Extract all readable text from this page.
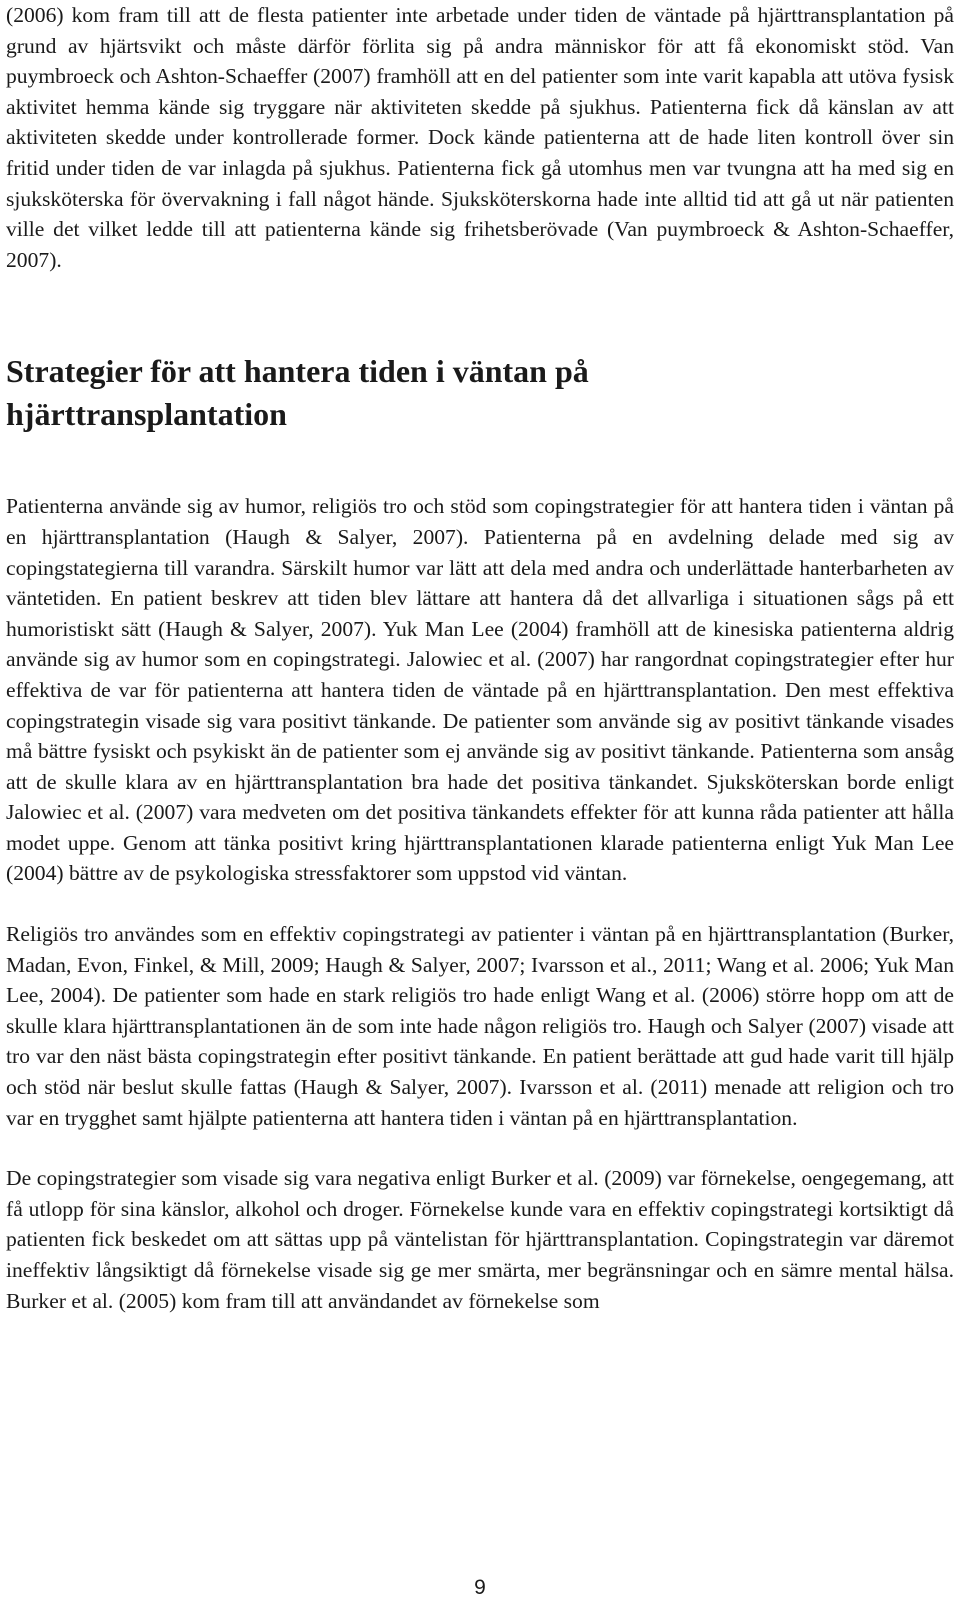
(2006) kom fram till att de flesta patienter inte arbetade under tiden de väntade på hjärttransplantation på grund av hjärtsvikt och måste därför förlita sig på andra människor för att få ekonomiskt stöd. Van puymbroeck och Ashton-Schaeffer (2007) framhöll att en del patienter som inte varit kapabla att utöva fysisk aktivitet hemma kände sig tryggare när aktiviteten skedde på sjukhus. Patienterna fick då känslan av att aktiviteten skedde under kontrollerade former. Dock kände patienterna att de hade liten kontroll över sin fritid under tiden de var inlagda på sjukhus. Patienterna fick gå utomhus men var tvungna att ha med sig en sjuksköterska för övervakning i fall något hände. Sjuksköterskorna hade inte alltid tid att gå ut när patienten ville det vilket ledde till att patienterna kände sig frihetsberövade (Van puymbroeck & Ashton-Schaeffer, 2007).

Strategier för att hantera tiden i väntan på hjärttransplantation

Patienterna använde sig av humor, religiös tro och stöd som copingstrategier för att hantera tiden i väntan på en hjärttransplantation (Haugh & Salyer, 2007). Patienterna på en avdelning delade med sig av copingstategierna till varandra. Särskilt humor var lätt att dela med andra och underlättade hanterbarheten av väntetiden. En patient beskrev att tiden blev lättare att hantera då det allvarliga i situationen sågs på ett humoristiskt sätt (Haugh & Salyer, 2007). Yuk Man Lee (2004) framhöll att de kinesiska patienterna aldrig använde sig av humor som en copingstrategi. Jalowiec et al. (2007) har rangordnat copingstrategier efter hur effektiva de var för patienterna att hantera tiden de väntade på en hjärttransplantation. Den mest effektiva copingstrategin visade sig vara positivt tänkande. De patienter som använde sig av positivt tänkande visades må bättre fysiskt och psykiskt än de patienter som ej använde sig av positivt tänkande. Patienterna som ansåg att de skulle klara av en hjärttransplantation bra hade det positiva tänkandet. Sjuksköterskan borde enligt Jalowiec et al. (2007) vara medveten om det positiva tänkandets effekter för att kunna råda patienter att hålla modet uppe. Genom att tänka positivt kring hjärttransplantationen klarade patienterna enligt Yuk Man Lee (2004) bättre av de psykologiska stressfaktorer som uppstod vid väntan.

Religiös tro användes som en effektiv copingstrategi av patienter i väntan på en hjärttransplantation (Burker, Madan, Evon, Finkel, & Mill, 2009; Haugh & Salyer, 2007; Ivarsson et al., 2011; Wang et al. 2006; Yuk Man Lee, 2004). De patienter som hade en stark religiös tro hade enligt Wang et al. (2006) större hopp om att de skulle klara hjärttransplantationen än de som inte hade någon religiös tro. Haugh och Salyer (2007) visade att tro var den näst bästa copingstrategin efter positivt tänkande. En patient berättade att gud hade varit till hjälp och stöd när beslut skulle fattas (Haugh & Salyer, 2007). Ivarsson et al. (2011) menade att religion och tro var en trygghet samt hjälpte patienterna att hantera tiden i väntan på en hjärttransplantation.

De copingstrategier som visade sig vara negativa enligt Burker et al. (2009) var förnekelse, oengegemang, att få utlopp för sina känslor, alkohol och droger. Förnekelse kunde vara en effektiv copingstrategi kortsiktigt då patienten fick beskedet om att sättas upp på väntelistan för hjärttransplantation. Copingstrategin var däremot ineffektiv långsiktigt då förnekelse visade sig ge mer smärta, mer begränsningar och en sämre mental hälsa. Burker et al. (2005) kom fram till att användandet av förnekelse som

9
